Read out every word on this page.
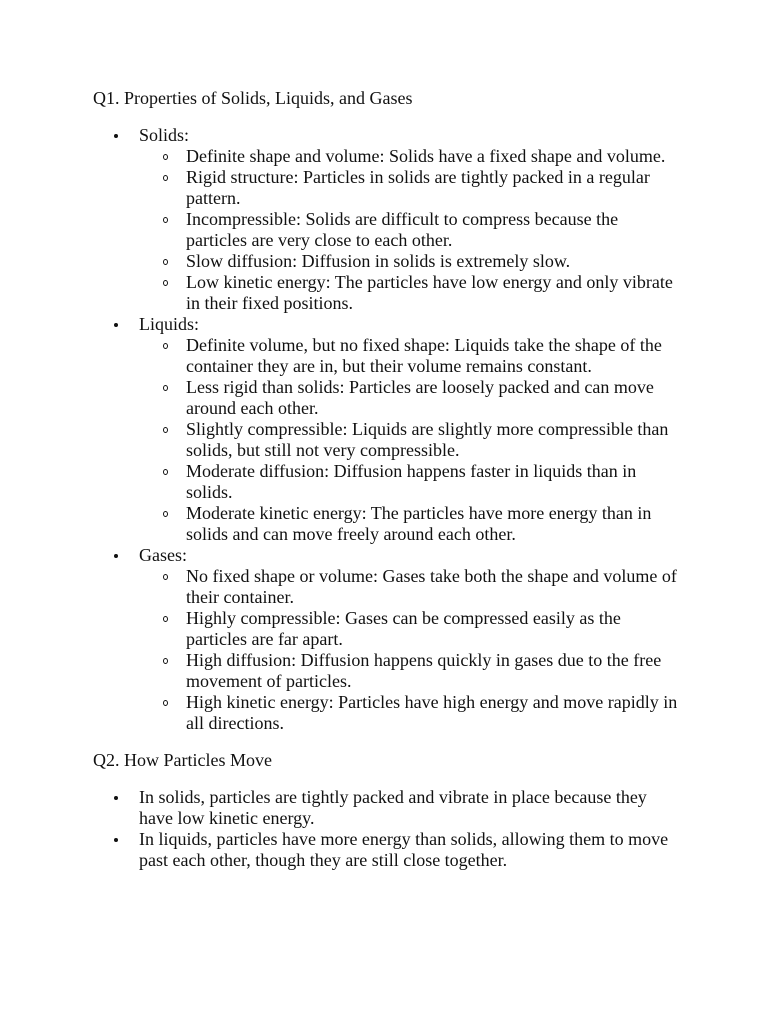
Q1. Properties of Solids, Liquids, and Gases
Solids:
Definite shape and volume: Solids have a fixed shape and volume.
Rigid structure: Particles in solids are tightly packed in a regular pattern.
Incompressible: Solids are difficult to compress because the particles are very close to each other.
Slow diffusion: Diffusion in solids is extremely slow.
Low kinetic energy: The particles have low energy and only vibrate in their fixed positions.
Liquids:
Definite volume, but no fixed shape: Liquids take the shape of the container they are in, but their volume remains constant.
Less rigid than solids: Particles are loosely packed and can move around each other.
Slightly compressible: Liquids are slightly more compressible than solids, but still not very compressible.
Moderate diffusion: Diffusion happens faster in liquids than in solids.
Moderate kinetic energy: The particles have more energy than in solids and can move freely around each other.
Gases:
No fixed shape or volume: Gases take both the shape and volume of their container.
Highly compressible: Gases can be compressed easily as the particles are far apart.
High diffusion: Diffusion happens quickly in gases due to the free movement of particles.
High kinetic energy: Particles have high energy and move rapidly in all directions.
Q2. How Particles Move
In solids, particles are tightly packed and vibrate in place because they have low kinetic energy.
In liquids, particles have more energy than solids, allowing them to move past each other, though they are still close together.
